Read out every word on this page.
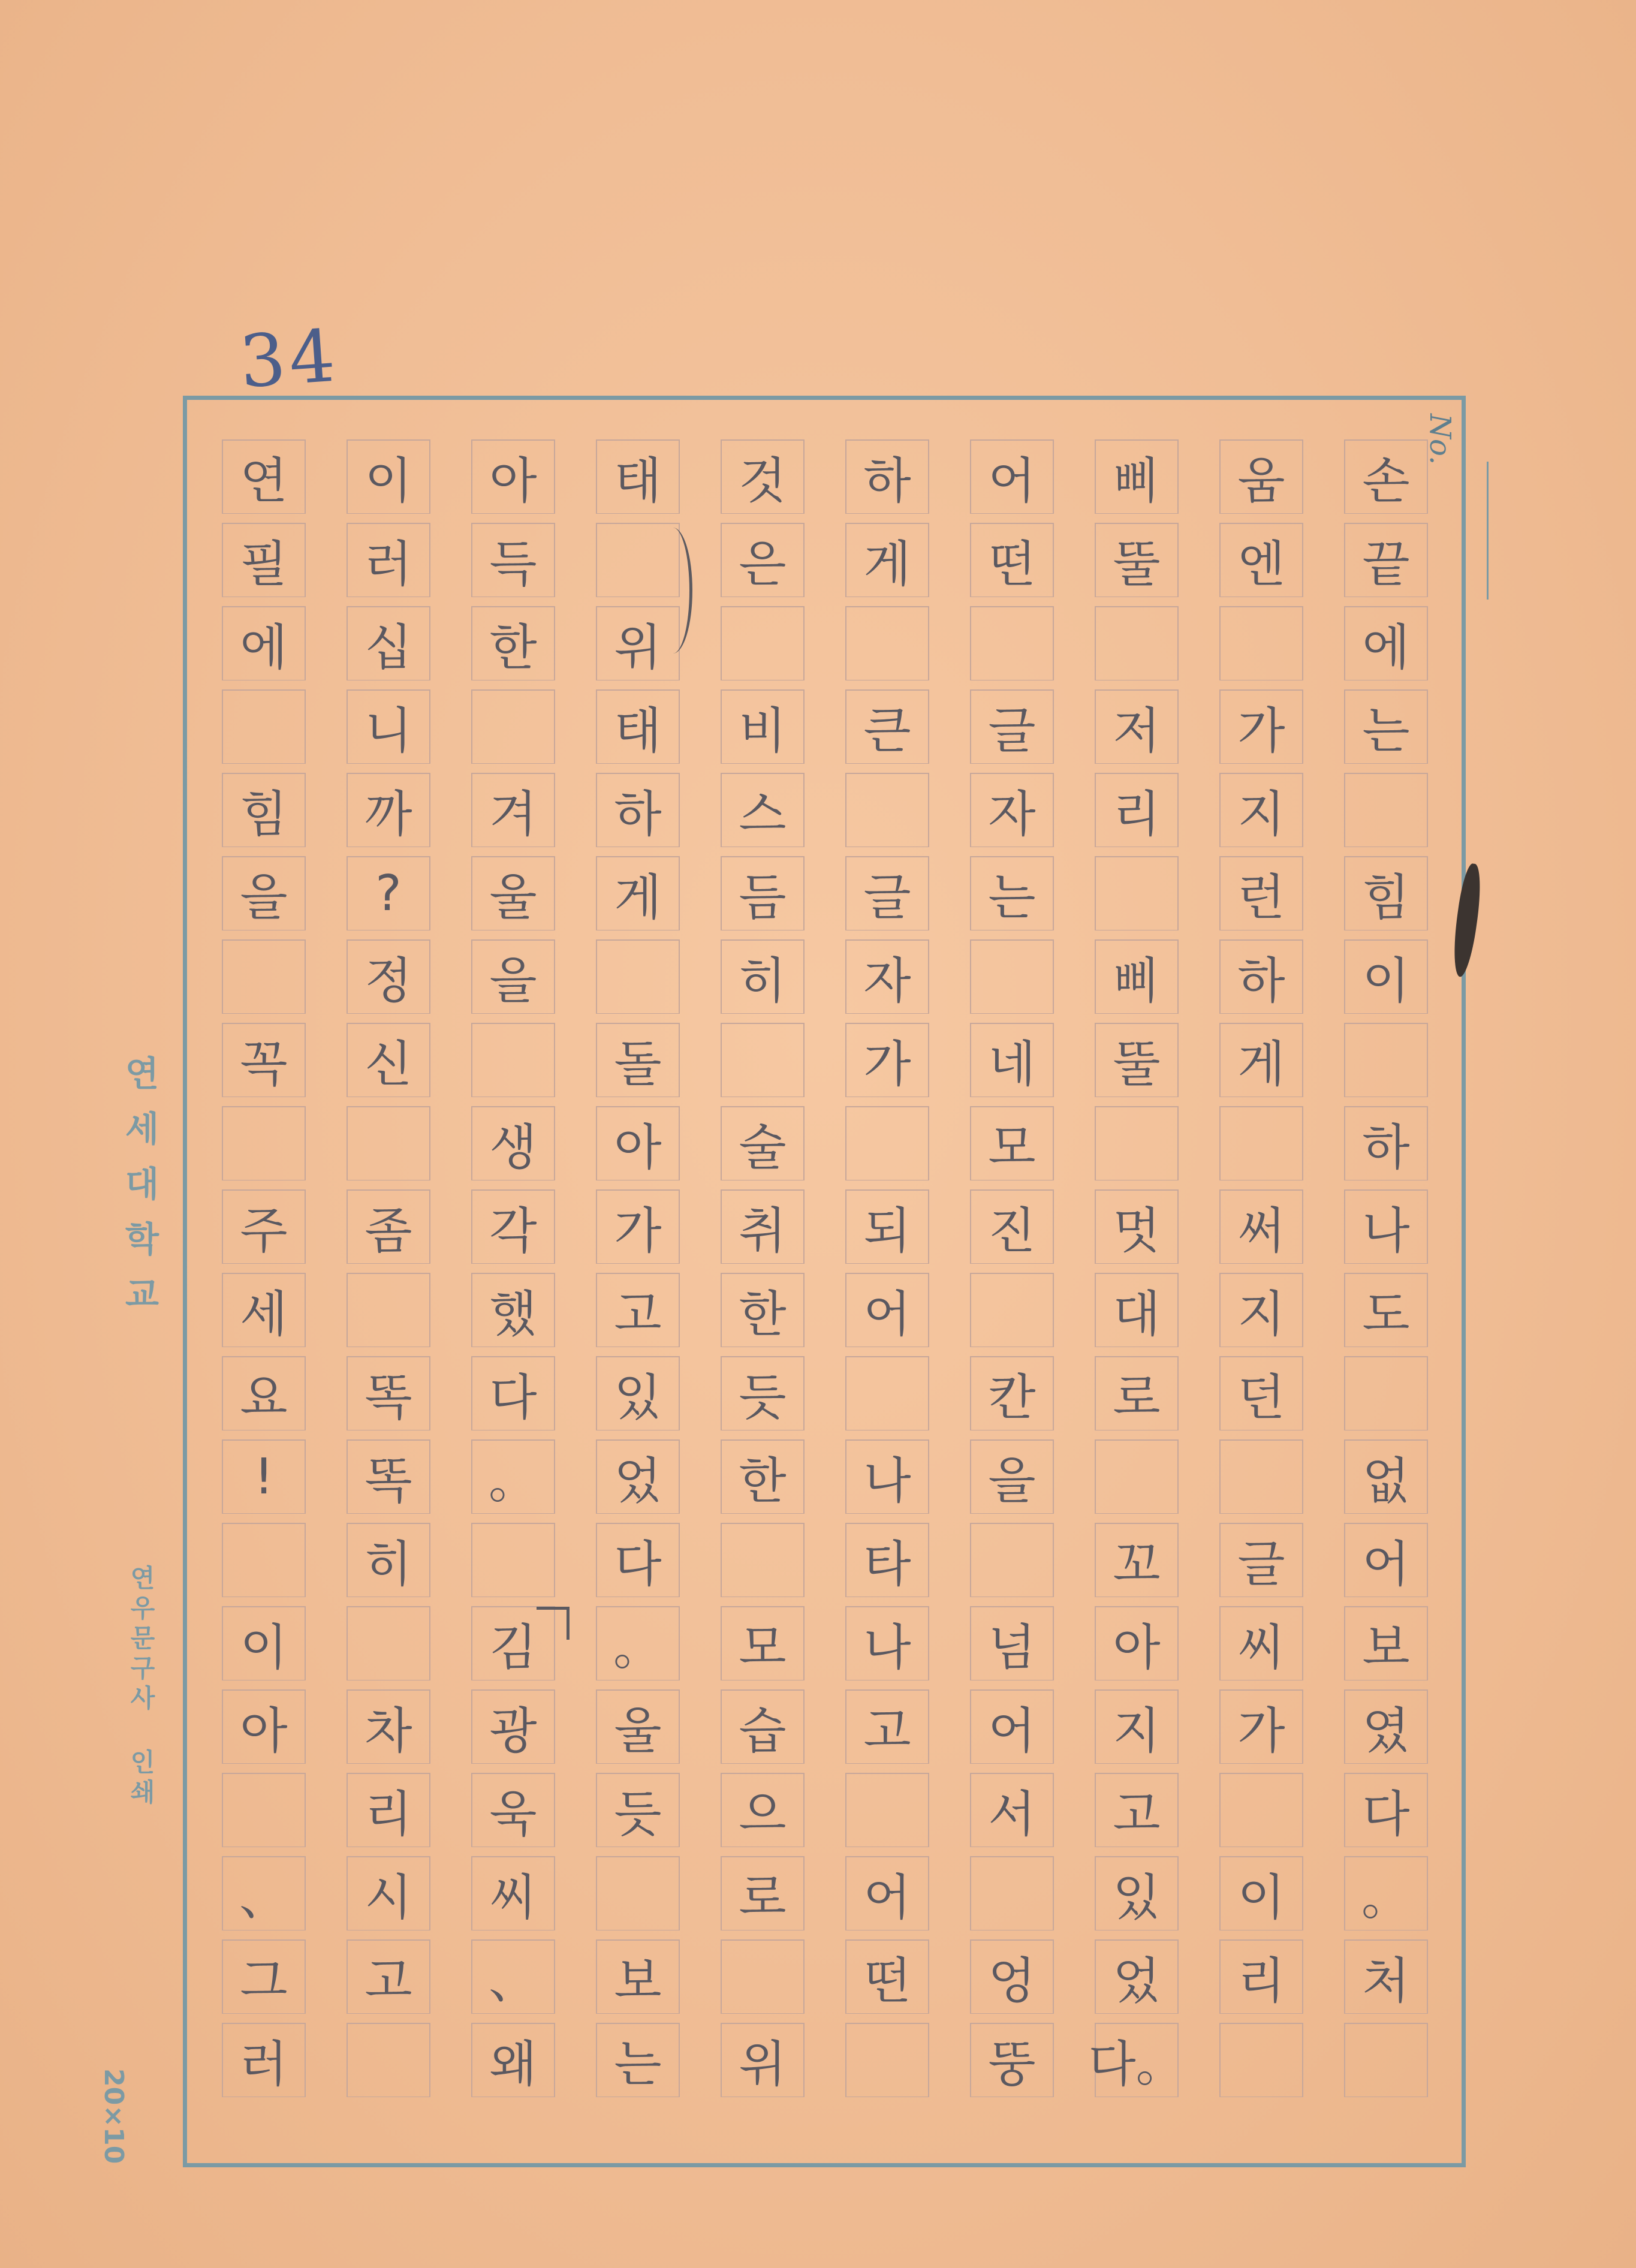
34
No.
손
끝
에
는
힘
이
하
나
도
없
어
보
였
다
。
처
움
엔
가
지
런
하
게
써
지
던
글
씨
가
이
리
삐
뚤
저
리
삐
뚤
멋
대
로
꼬
아
지
고
있
었
다。
어
떤
글
자
는
네
모
진
칸
을
넘
어
서
엉
뚱
하
게
큰
글
자
가
되
어
나
타
나
고
어
떤
것
은
비
스
듬
히
술
취
한
듯
한
모
습
으
로
위
태
위
태
하
게
돌
아
가
고
있
었
다
。
울
듯
보
는
아
득
한
겨
울
을
생
각
했
다
。
김
광
욱
씨
、
왜
이
러
십
니
까
?
정
신
좀
똑
똑
히
차
리
시
고
연
필
에
힘
을
꼭
주
세
요
!
이
아
、
그
러
연세대학교
연우문구사 인쇄
20×10
